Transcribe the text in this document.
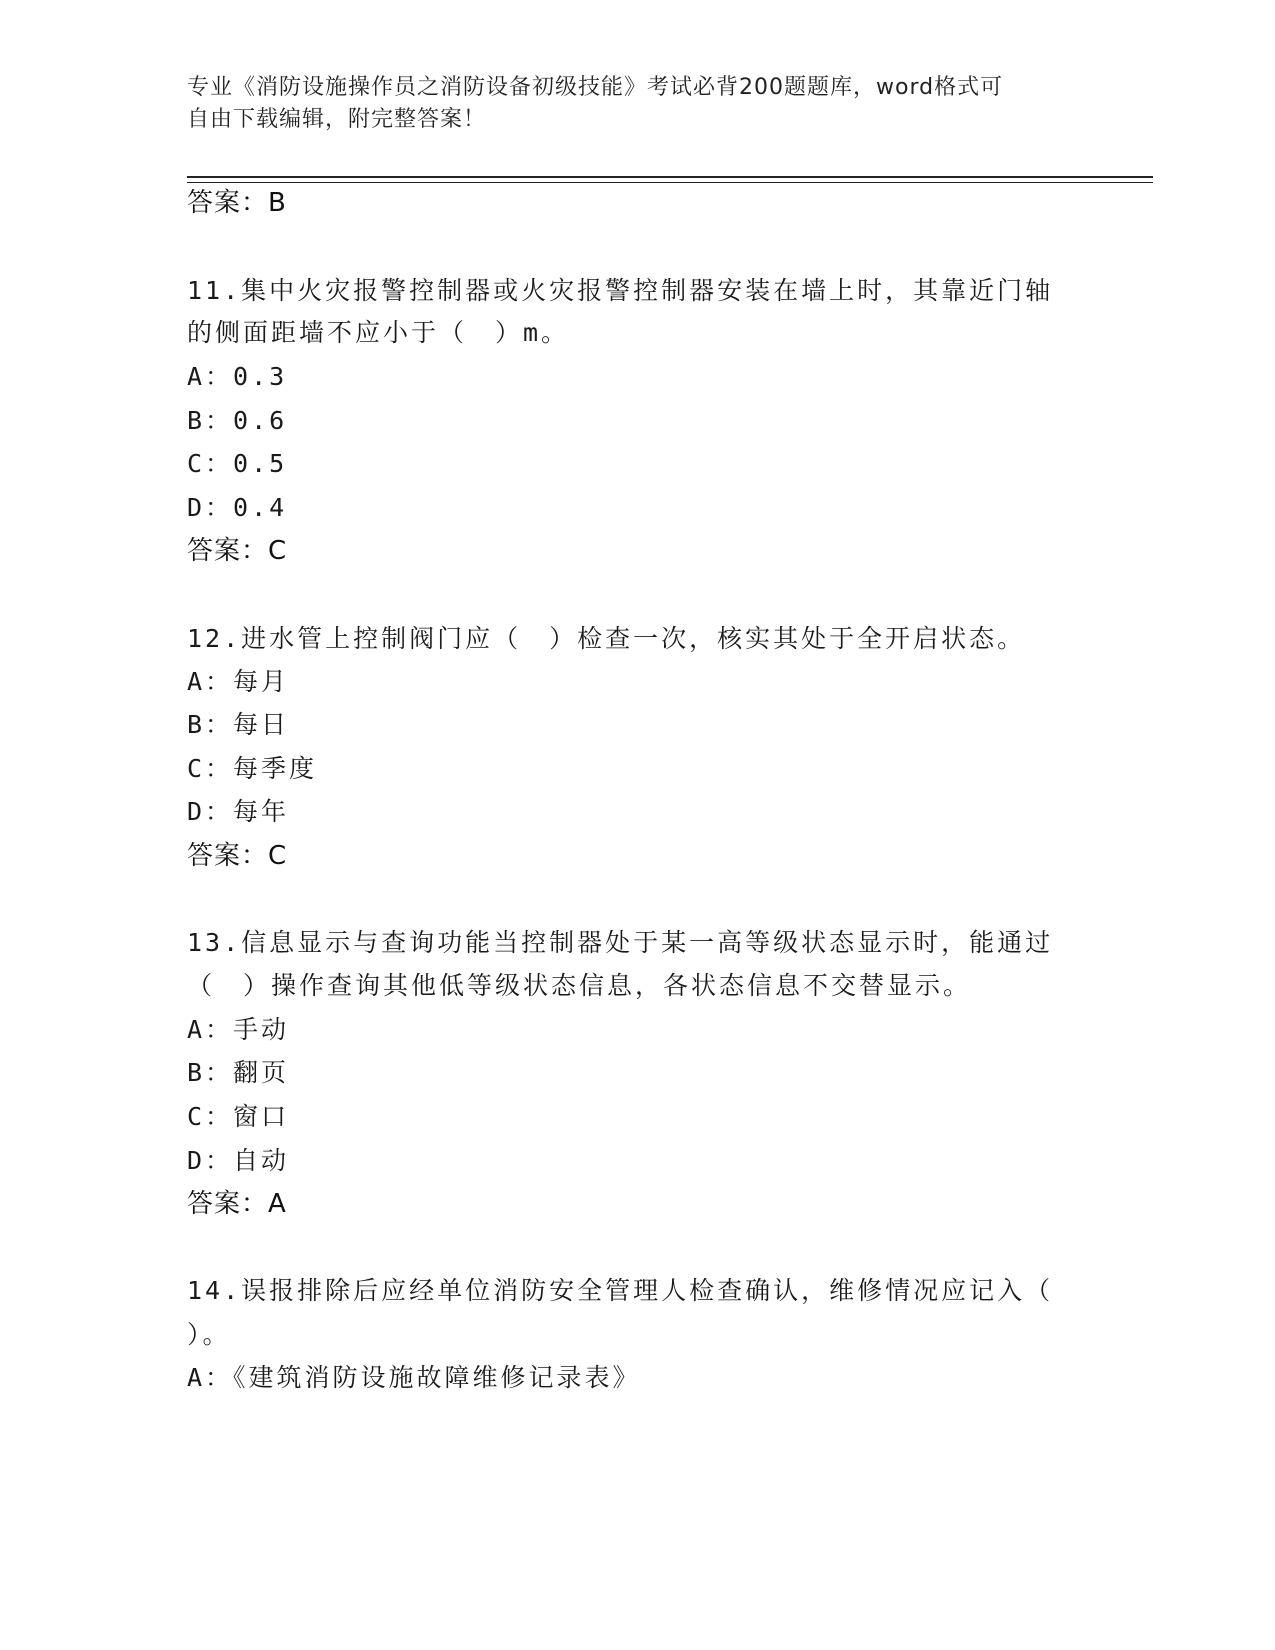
专业《消防设施操作员之消防设备初级技能》考试必背200题题库，word格式可
自由下载编辑，附完整答案！
答案：B
11.集中火灾报警控制器或火灾报警控制器安装在墙上时，其靠近门轴
的侧面距墙不应小于（　）m。
A：0.3
B：0.6
C：0.5
D：0.4
答案：C
12.进水管上控制阀门应（　）检查一次，核实其处于全开启状态。
A：每月
B：每日
C：每季度
D：每年
答案：C
13.信息显示与查询功能当控制器处于某一高等级状态显示时，能通过
（　）操作查询其他低等级状态信息，各状态信息不交替显示。
A：手动
B：翻页
C：窗口
D：自动
答案：A
14.误报排除后应经单位消防安全管理人检查确认，维修情况应记入（
）。
A：《建筑消防设施故障维修记录表》
